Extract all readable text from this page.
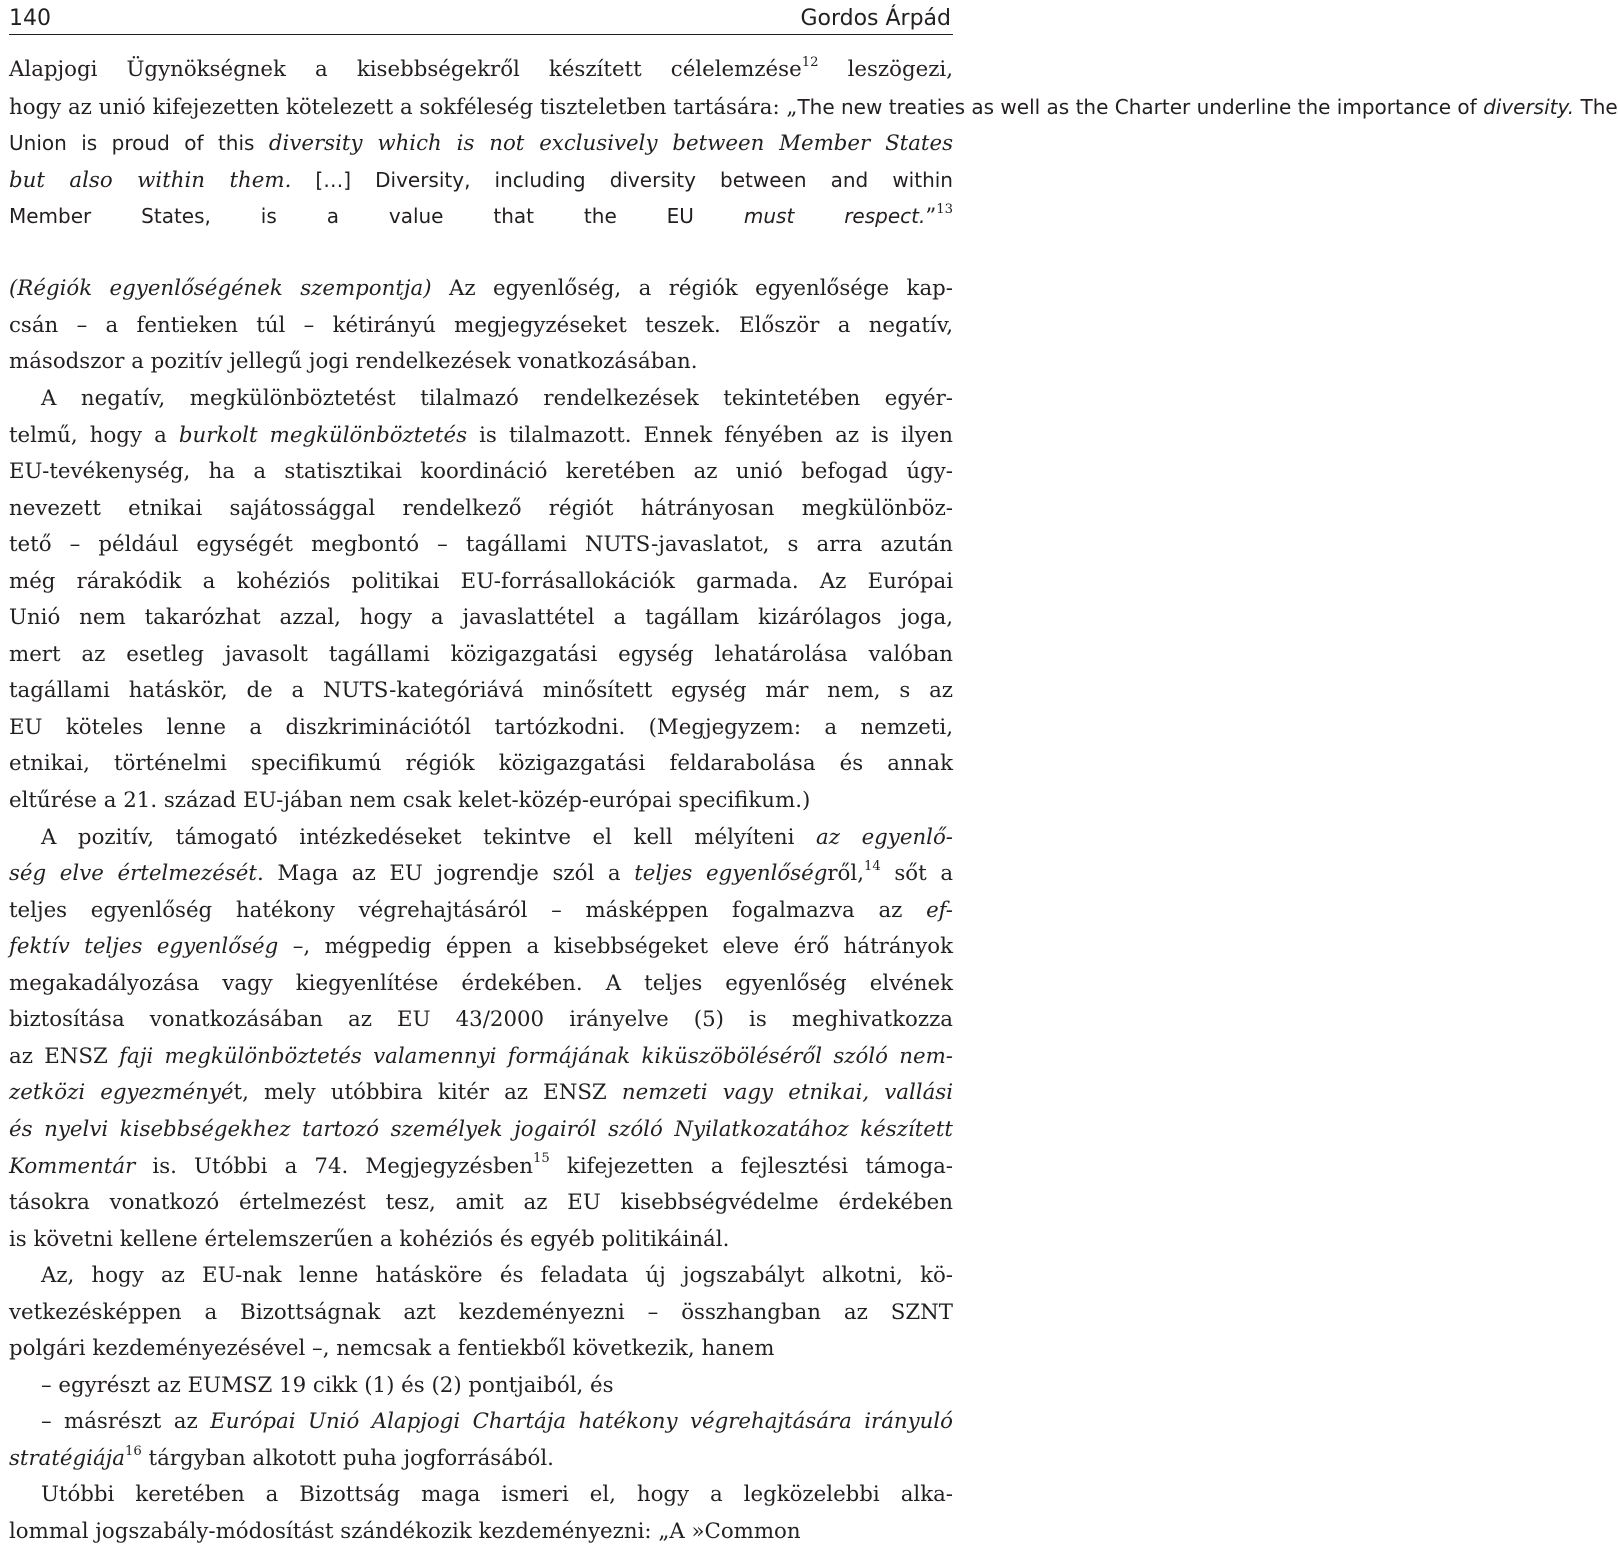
140	Gordos Árpád
Alapjogi Ügynökségnek a kisebbségekről készített célelemzése$^{12}$ leszögezi,
hogy az unió kifejezetten kötelezett a sokféleség tiszteletben tartására: „The new treaties as well as the Charter underline the importance of diversity. The
Union is proud of this diversity which is not exclusively between Member States
but also within them. […] Diversity, including diversity between and within
Member States, is a value that the EU must respect.”$^{13}$
(Régiók egyenlőségének szempontja) Az egyenlőség, a régiók egyenlősége kap-
csán – a fentieken túl – kétirányú megjegyzéseket teszek. Először a negatív,
másodszor a pozitív jellegű jogi rendelkezések vonatkozásában.
  A negatív, megkülönböztetést tilalmazó rendelkezések tekintetében egyér-
telmű, hogy a burkolt megkülönböztetés is tilalmazott. Ennek fényében az is ilyen
EU-tevékenység, ha a statisztikai koordináció keretében az unió befogad úgy-
nevezett etnikai sajátossággal rendelkező régiót hátrányosan megkülönböz-
tető – például egységét megbontó – tagállami NUTS-javaslatot, s arra azután
még rárakódik a kohéziós politikai EU-forrásallokációk garmada. Az Európai
Unió nem takarózhat azzal, hogy a javaslattétel a tagállam kizárólagos joga,
mert az esetleg javasolt tagállami közigazgatási egység lehatárolása valóban
tagállami hatáskör, de a NUTS-kategóriává minősített egység már nem, s az
EU köteles lenne a diszkriminációtól tartózkodni. (Megjegyzem: a nemzeti,
etnikai, történelmi specifikumú régiók közigazgatási feldarabolása és annak
eltűrése a 21. század EU-jában nem csak kelet-közép-európai specifikum.)
  A pozitív, támogató intézkedéseket tekintve el kell mélyíteni az egyenlő-
ség elve értelmezését. Maga az EU jogrendje szól a teljes egyenlőségről,$^{14}$ sőt a
teljes egyenlőség hatékony végrehajtásáról – másképpen fogalmazva az ef-
fektív teljes egyenlőség –, mégpedig éppen a kisebbségeket eleve érő hátrányok
megakadályozása vagy kiegyenlítése érdekében. A teljes egyenlőség elvének
biztosítása vonatkozásában az EU 43/2000 irányelve (5) is meghivatkozza
az ENSZ faji megkülönböztetés valamennyi formájának kiküszöböléséről szóló nem-
zetközi egyezményét, mely utóbbira kitér az ENSZ nemzeti vagy etnikai, vallási
és nyelvi kisebbségekhez tartozó személyek jogairól szóló Nyilatkozatához készített
Kommentár is. Utóbbi a 74. Megjegyzésben$^{15}$ kifejezetten a fejlesztési támoga-
tásokra vonatkozó értelmezést tesz, amit az EU kisebbségvédelme érdekében
is követni kellene értelemszerűen a kohéziós és egyéb politikáinál.
  Az, hogy az EU-nak lenne hatásköre és feladata új jogszabályt alkotni, kö-
vetkezésképpen a Bizottságnak azt kezdeményezni – összhangban az SZNT
polgári kezdeményezésével –, nemcsak a fentiekből következik, hanem
  – egyrészt az EUMSZ 19 cikk (1) és (2) pontjaiból, és
  – másrészt az Európai Unió Alapjogi Chartája hatékony végrehajtására irányuló
stratégiája$^{16}$ tárgyban alkotott puha jogforrásából.
  Utóbbi keretében a Bizottság maga ismeri el, hogy a legközelebbi alka-
lommal jogszabály-módosítást szándékozik kezdeményezni: „A »Common
